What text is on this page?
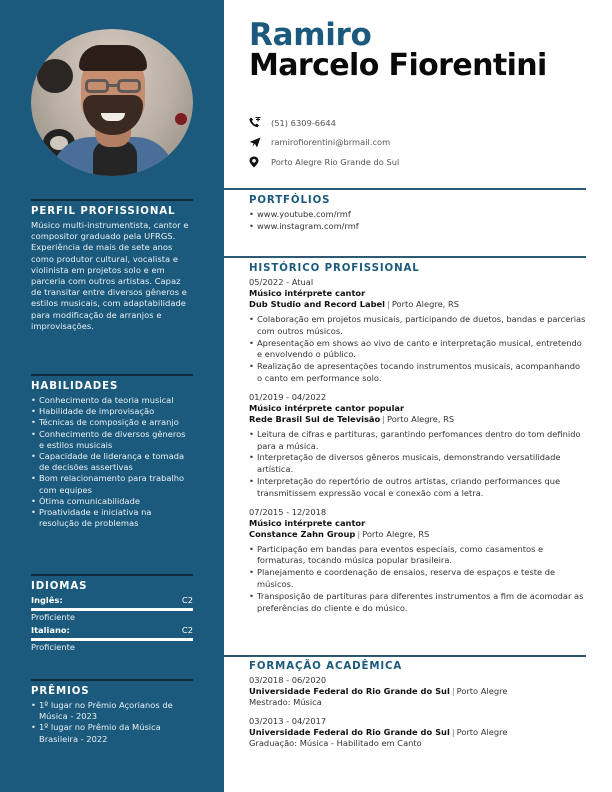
PERFIL PROFISSIONAL
Músico multi-instrumentista, cantor e compositor graduado pela UFRGS. Experiência de mais de sete anos como produtor cultural, vocalista e violinista em projetos solo e em parceria com outros artistas. Capaz de transitar entre diversos gêneros e estilos musicais, com adaptabilidade para modificação de arranjos e improvisações.
HABILIDADES
• Conhecimento da teoria musical
• Habilidade de improvisação
• Técnicas de composição e arranjo
• Conhecimento de diversos gêneros e estilos musicais
• Capacidade de liderança e tomada de decisões assertivas
• Bom relacionamento para trabalho com equipes
• Ótima comunicabilidade
• Proatividade e iniciativa na resolução de problemas
IDIOMAS
Inglês:	C2
Proficiente
Italiano:	C2
Proficiente
PRÊMIOS
• 1º lugar no Prêmio Açorianos de Música - 2023
• 1º lugar no Prêmio da Música Brasileira - 2022
Ramiro
Marcelo Fiorentini
(51) 6309-6644
ramirofiorentini@brmail.com
Porto Alegre Rio Grande do Sul
PORTFÓLIOS
• www.youtube.com/rmf
• www.instagram.com/rmf
HISTÓRICO PROFISSIONAL
05/2022 - Atual
Músico intérprete cantor
Dub Studio and Record Label | Porto Alegre, RS
• Colaboração em projetos musicais, participando de duetos, bandas e parcerias com outros músicos.
• Apresentação em shows ao vivo de canto e interpretação musical, entretendo e envolvendo o público.
• Realização de apresentações tocando instrumentos musicais, acompanhando o canto em performance solo.
01/2019 - 04/2022
Músico intérprete cantor popular
Rede Brasil Sul de Televisão | Porto Alegre, RS
• Leitura de cifras e partituras, garantindo perfomances dentro do tom definido para a música.
• Interpretação de diversos gêneros musicais, demonstrando versatilidade artística.
• Interpretação do repertório de outros artistas, criando performances que transmitissem expressão vocal e conexão com a letra.
07/2015 - 12/2018
Músico intérprete cantor
Constance Zahn Group | Porto Alegre, RS
• Participação em bandas para eventos especiais, como casamentos e formaturas, tocando música popular brasileira.
• Planejamento e coordenação de ensaios, reserva de espaços e teste de músicos.
• Transposição de partituras para diferentes instrumentos a fim de acomodar as preferências do cliente e do músico.
FORMAÇÃO ACADÊMICA
03/2018 - 06/2020
Universidade Federal do Rio Grande do Sul | Porto Alegre
Mestrado: Música
03/2013 - 04/2017
Universidade Federal do Rio Grande do Sul | Porto Alegre
Graduação: Música - Habilitado em Canto
